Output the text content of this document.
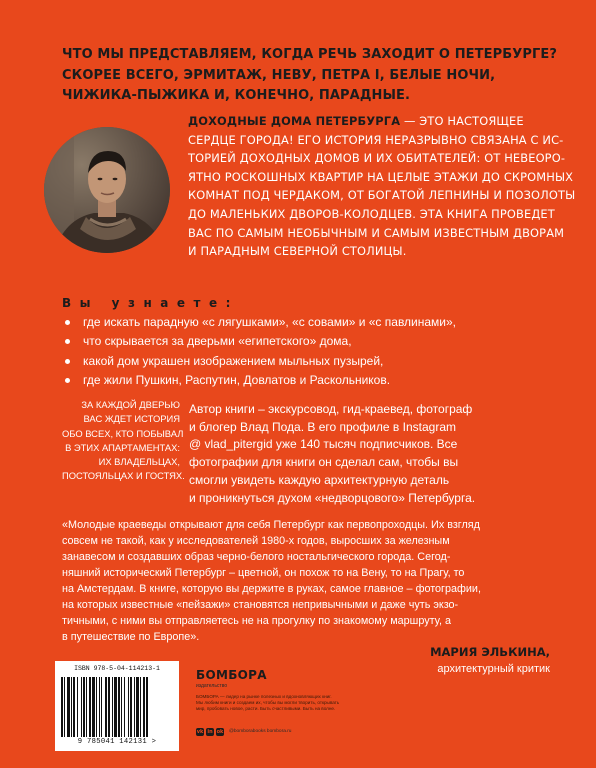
ЧТО МЫ ПРЕДСТАВЛЯЕМ, КОГДА РЕЧЬ ЗАХОДИТ О ПЕТЕРБУРГЕ?
СКОРЕЕ ВСЕГО, ЭРМИТАЖ, НЕВУ, ПЕТРА I, БЕЛЫЕ НОЧИ,
ЧИЖИКА-ПЫЖИКА И, КОНЕЧНО, ПАРАДНЫЕ.
ДОХОДНЫЕ ДОМА ПЕТЕРБУРГА — ЭТО НАСТОЯЩЕЕ
СЕРДЦЕ ГОРОДА! ЕГО ИСТОРИЯ НЕРАЗРЫВНО СВЯЗАНА С ИС-
ТОРИЕЙ ДОХОДНЫХ ДОМОВ И ИХ ОБИТАТЕЛЕЙ: ОТ НЕВЕОРО-
ЯТНО РОСКОШНЫХ КВАРТИР НА ЦЕЛЫЕ ЭТАЖИ ДО СКРОМНЫХ
КОМНАТ ПОД ЧЕРДАКОМ, ОТ БОГАТОЙ ЛЕПНИНЫ И ПОЗОЛОТЫ
ДО МАЛЕНЬКИХ ДВОРОВ-КОЛОДЦЕВ. ЭТА КНИГА ПРОВЕДЕТ
ВАС ПО САМЫМ НЕОБЫЧНЫМ И САМЫМ ИЗВЕСТНЫМ ДВОРАМ
И ПАРАДНЫМ СЕВЕРНОЙ СТОЛИЦЫ.
Вы узнаете:
где искать парадную «с лягушками», «с совами» и «с павлинами»,
что скрывается за дверьми «египетского» дома,
какой дом украшен изображением мыльных пузырей,
где жили Пушкин, Распутин, Довлатов и Раскольников.
ЗА КАЖДОЙ ДВЕРЬЮ
ВАС ЖДЕТ ИСТОРИЯ
ОБО ВСЕХ, КТО ПОБЫВАЛ
В ЭТИХ АПАРТАМЕНТАХ:
ИХ ВЛАДЕЛЬЦАХ,
ПОСТОЯЛЬЦАХ И ГОСТЯХ.
Автор книги – экскурсовод, гид-краевед, фотограф
и блогер Влад Пода. В его профиле в Instagram
@ vlad_pitergid уже 140 тысяч подписчиков. Все
фотографии для книги он сделал сам, чтобы вы
смогли увидеть каждую архитектурную деталь
и проникнуться духом «недворцового» Петербурга.
«Молодые краеведы открывают для себя Петербург как первопроходцы. Их взгляд
совсем не такой, как у исследователей 1980-х годов, выросших за железным
занавесом и создавших образ черно-белого ностальгического города. Сегод-
няшний исторический Петербург – цветной, он похож то на Вену, то на Прагу, то
на Амстердам. В книге, которую вы держите в руках, самое главное – фотографии,
на которых известные «пейзажи» становятся непривычными и даже чуть экзо-
тичными, с ними вы отправляетесь не на прогулку по знакомому маршруту, а
в путешествие по Европе».
МАРИЯ ЭЛЬКИНА,
архитектурный критик
ISBN 978-5-04-114213-1
9 785041 142131 >
БОМБОРА
издательство
БОМБОРА — лидер на рынке полезных и вдохновляющих книг.
Мы любим книги и создаем их, чтобы вы могли творить, открывать
мир, пробовать новое, расти. Быть счастливыми. Быть на волне.
vk in ok @bomborabooks bombora.ru
